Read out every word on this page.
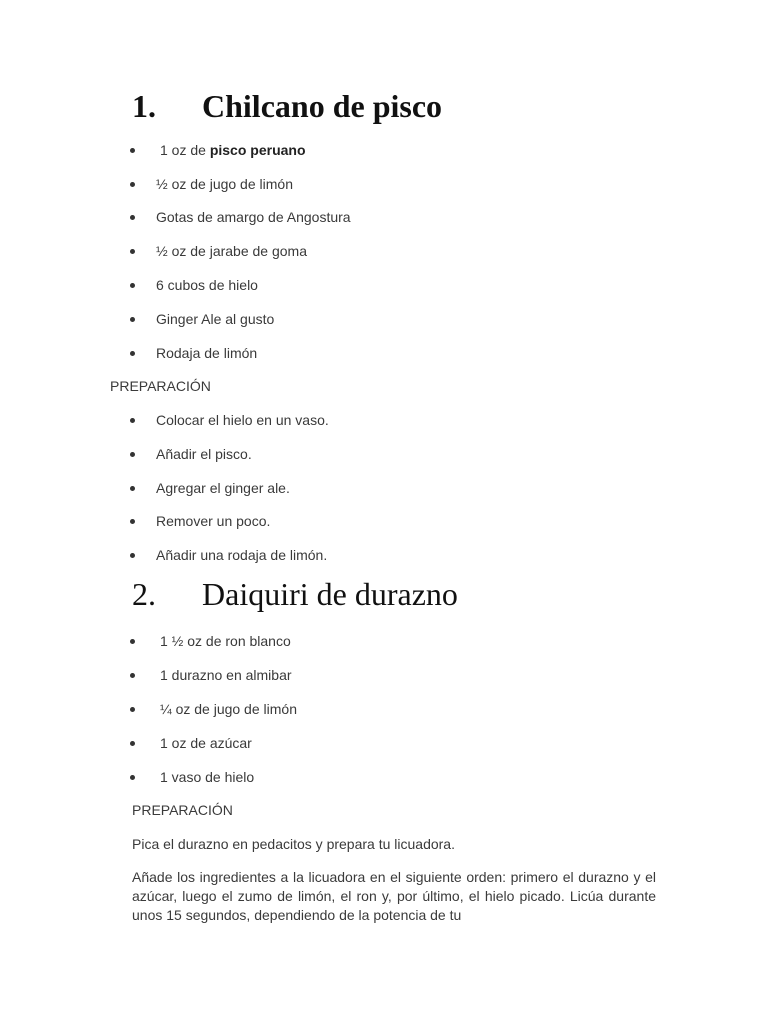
1. Chilcano de pisco
1 oz de pisco peruano
½ oz de jugo de limón
Gotas de amargo de Angostura
½ oz de jarabe de goma
6 cubos de hielo
Ginger Ale al gusto
Rodaja de limón
PREPARACIÓN
Colocar el hielo en un vaso.
Añadir el pisco.
Agregar el ginger ale.
Remover un poco.
Añadir una rodaja de limón.
2. Daiquiri de durazno
1 ½ oz de ron blanco
1 durazno en almibar
¼ oz de jugo de limón
1 oz de azúcar
1 vaso de hielo
PREPARACIÓN

Pica el durazno en pedacitos y prepara tu licuadora.

Añade los ingredientes a la licuadora en el siguiente orden: primero el durazno y el azúcar, luego el zumo de limón, el ron y, por último, el hielo picado. Licúa durante unos 15 segundos, dependiendo de la potencia de tu
